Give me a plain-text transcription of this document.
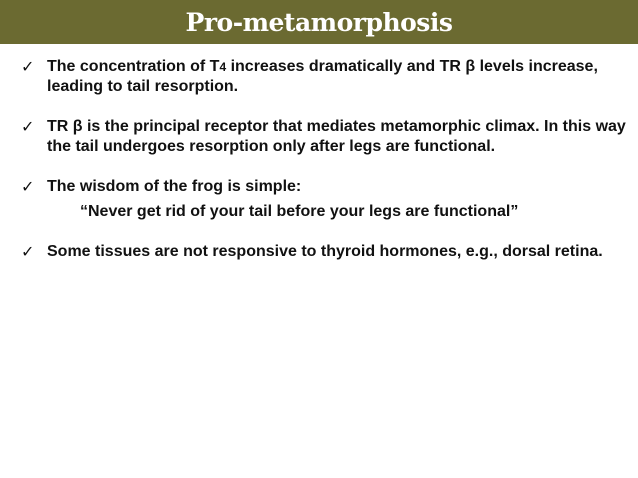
Pro-metamorphosis
✓ The concentration of T4 increases dramatically and TR β levels increase, leading to tail resorption.
✓ TR β is the principal receptor that mediates metamorphic climax. In this way the tail undergoes resorption only after legs are functional.
✓ The wisdom of the frog is simple:
“Never get rid of your tail before your legs are functional”
✓ Some tissues are not responsive to thyroid hormones, e.g., dorsal retina.
